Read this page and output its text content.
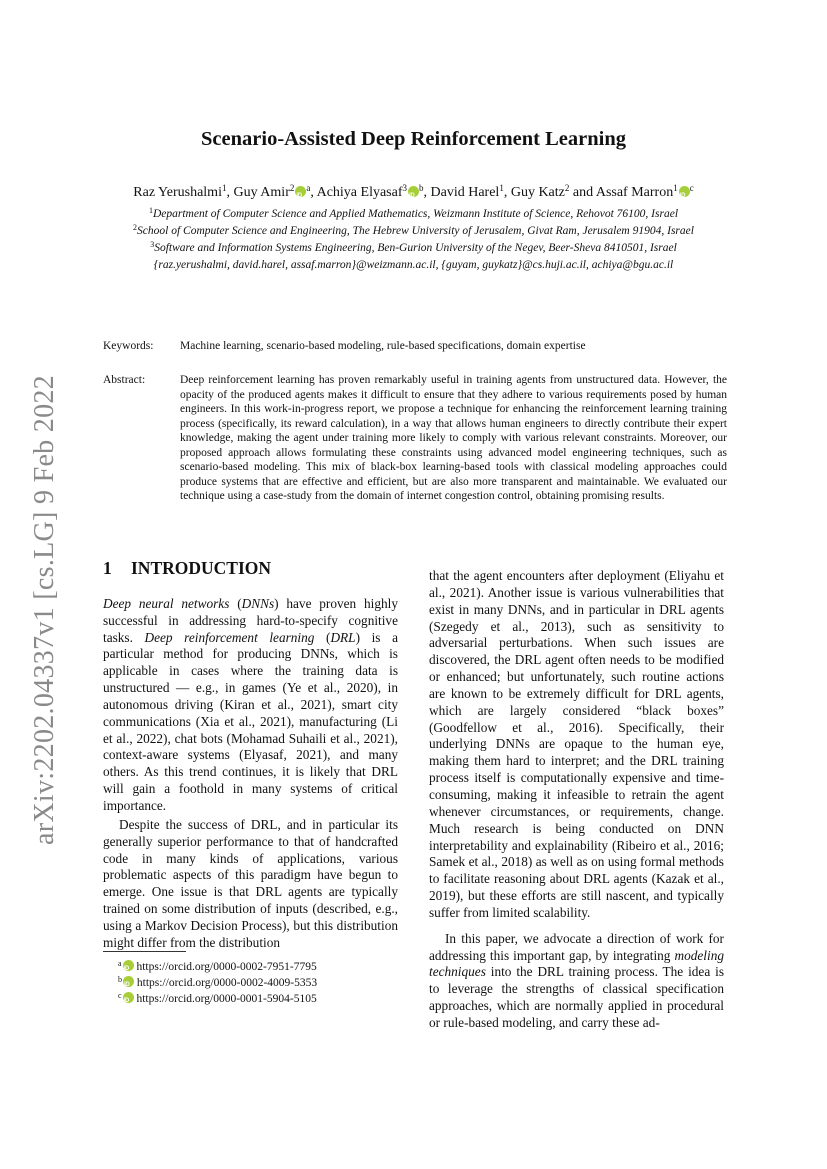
arXiv:2202.04337v1 [cs.LG] 9 Feb 2022
Scenario-Assisted Deep Reinforcement Learning
Raz Yerushalmi$^1$, Guy Amir$^2$ iD $^a$, Achiya Elyasaf$^3$ iD $^b$, David Harel$^1$, Guy Katz$^2$ and Assaf Marron$^1$ iD $^c$
$^1$Department of Computer Science and Applied Mathematics, Weizmann Institute of Science, Rehovot 76100, Israel
$^2$School of Computer Science and Engineering, The Hebrew University of Jerusalem, Givat Ram, Jerusalem 91904, Israel
$^3$Software and Information Systems Engineering, Ben-Gurion University of the Negev, Beer-Sheva 8410501, Israel
{raz.yerushalmi, david.harel, assaf.marron}@weizmann.ac.il, {guyam, guykatz}@cs.huji.ac.il, achiya@bgu.ac.il
Keywords:	Machine learning, scenario-based modeling, rule-based specifications, domain expertise
Abstract:	Deep reinforcement learning has proven remarkably useful in training agents from unstructured data. However, the opacity of the produced agents makes it difficult to ensure that they adhere to various requirements posed by human engineers. In this work-in-progress report, we propose a technique for enhancing the reinforcement learning training process (specifically, its reward calculation), in a way that allows human engineers to directly contribute their expert knowledge, making the agent under training more likely to comply with various relevant constraints. Moreover, our proposed approach allows formulating these constraints using advanced model engineering techniques, such as scenario-based modeling. This mix of black-box learning-based tools with classical modeling approaches could produce systems that are effective and efficient, but are also more transparent and maintainable. We evaluated our technique using a case-study from the domain of internet congestion control, obtaining promising results.
1 INTRODUCTION

Deep neural networks (DNNs) have proven highly successful in addressing hard-to-specify cognitive tasks. Deep reinforcement learning (DRL) is a particular method for producing DNNs, which is applicable in cases where the training data is unstructured — e.g., in games (Ye et al., 2020), in autonomous driving (Kiran et al., 2021), smart city communications (Xia et al., 2021), manufacturing (Li et al., 2022), chat bots (Mohamad Suhaili et al., 2021), context-aware systems (Elyasaf, 2021), and many others. As this trend continues, it is likely that DRL will gain a foothold in many systems of critical importance.

Despite the success of DRL, and in particular its generally superior performance to that of handcrafted code in many kinds of applications, various problematic aspects of this paradigm have begun to emerge. One issue is that DRL agents are typically trained on some distribution of inputs (described, e.g., using a Markov Decision Process), but this distribution might differ from the distribution

that the agent encounters after deployment (Eliyahu et al., 2021). Another issue is various vulnerabilities that exist in many DNNs, and in particular in DRL agents (Szegedy et al., 2013), such as sensitivity to adversarial perturbations. When such issues are discovered, the DRL agent often needs to be modified or enhanced; but unfortunately, such routine actions are known to be extremely difficult for DRL agents, which are largely considered “black boxes” (Goodfellow et al., 2016). Specifically, their underlying DNNs are opaque to the human eye, making them hard to interpret; and the DRL training process itself is computationally expensive and time-consuming, making it infeasible to retrain the agent whenever circumstances, or requirements, change. Much research is being conducted on DNN interpretability and explainability (Ribeiro et al., 2016; Samek et al., 2018) as well as on using formal methods to facilitate reasoning about DRL agents (Kazak et al., 2019), but these efforts are still nascent, and typically suffer from limited scalability.

In this paper, we advocate a direction of work for addressing this important gap, by integrating modeling techniques into the DRL training process. The idea is to leverage the strengths of classical specification approaches, which are normally applied in procedural or rule-based modeling, and carry these ad-

$^a$ iD https://orcid.org/0000-0002-7951-7795
$^b$ iD https://orcid.org/0000-0002-4009-5353
$^c$ iD https://orcid.org/0000-0001-5904-5105
